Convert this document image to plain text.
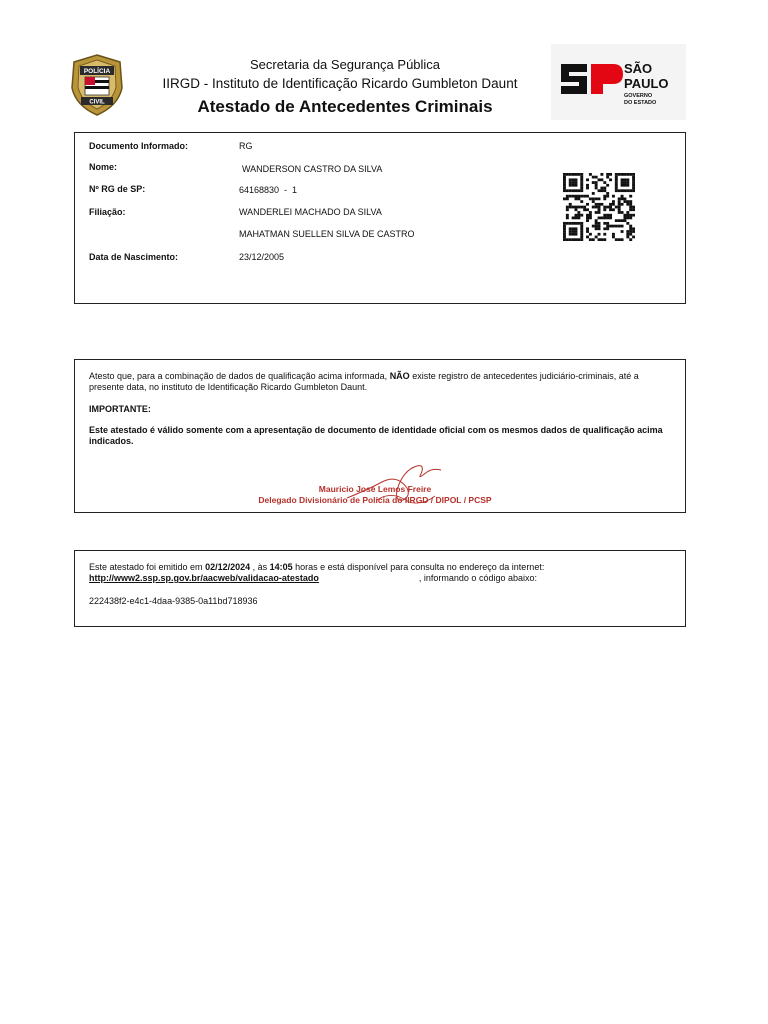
POLÍCIA
CIVIL
Secretaria da Segurança Pública
IIRGD - Instituto de Identificação Ricardo Gumbleton Daunt
Atestado de Antecedentes Criminais
SÃO
PAULO
GOVERNO
DO ESTADO
Documento Informado:	RG
Nome:	WANDERSON CASTRO DA SILVA
Nº RG de SP:	64168830  -  1
Filiação:	WANDERLEI MACHADO DA SILVA
MAHATMAN SUELLEN SILVA DE CASTRO
Data de Nascimento:	23/12/2005
Atesto que, para a combinação de dados de qualificação acima informada, NÃO existe registro de antecedentes judiciário-criminais, até a presente data, no instituto de Identificação Ricardo Gumbleton Daunt.
IMPORTANTE:
Este atestado é válido somente com a apresentação de documento de identidade oficial com os mesmos dados de qualificação acima indicados.
Mauricio José Lemos Freire
Delegado Divisionário de Polícia do IIRGD / DIPOL / PCSP
Este atestado foi emitido em 02/12/2024 , às 14:05 horas e está disponível para consulta no endereço da internet:
http://www2.ssp.sp.gov.br/aacweb/validacao-atestado	, informando o código abaixo:
222438f2-e4c1-4daa-9385-0a11bd718936
